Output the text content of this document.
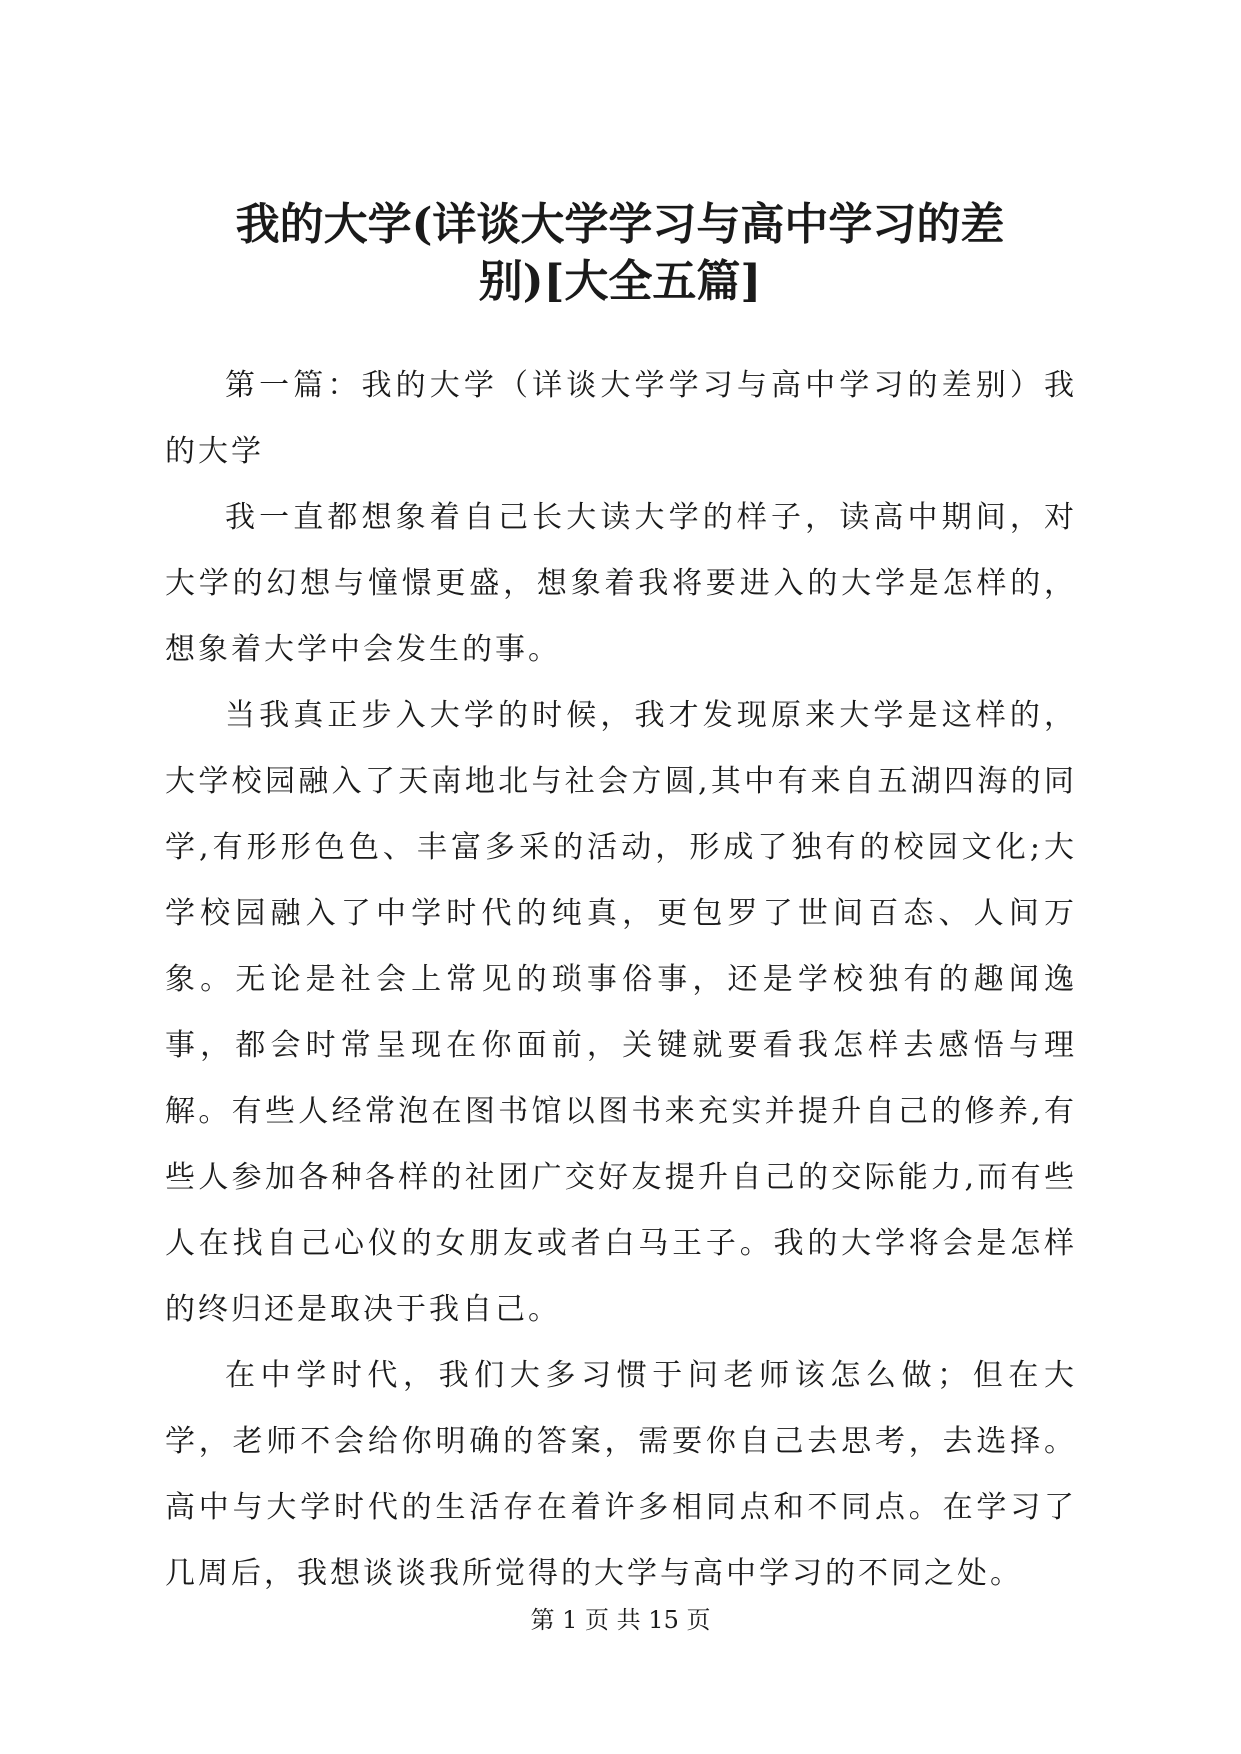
我的大学(详谈大学学习与高中学习的差
别)[大全五篇]

第一篇：我的大学（详谈大学学习与高中学习的差别）我的大学

我一直都想象着自己长大读大学的样子，读高中期间，对大学的幻想与憧憬更盛，想象着我将要进入的大学是怎样的，想象着大学中会发生的事。

当我真正步入大学的时候，我才发现原来大学是这样的，大学校园融入了天南地北与社会方圆,其中有来自五湖四海的同学,有形形色色、丰富多采的活动，形成了独有的校园文化;大学校园融入了中学时代的纯真，更包罗了世间百态、人间万象。无论是社会上常见的琐事俗事，还是学校独有的趣闻逸事，都会时常呈现在你面前，关键就要看我怎样去感悟与理解。有些人经常泡在图书馆以图书来充实并提升自己的修养,有些人参加各种各样的社团广交好友提升自己的交际能力,而有些人在找自己心仪的女朋友或者白马王子。我的大学将会是怎样的终归还是取决于我自己。

在中学时代，我们大多习惯于问老师该怎么做；但在大学，老师不会给你明确的答案，需要你自己去思考，去选择。高中与大学时代的生活存在着许多相同点和不同点。在学习了几周后，我想谈谈我所觉得的大学与高中学习的不同之处。

第 1 页 共 15 页
